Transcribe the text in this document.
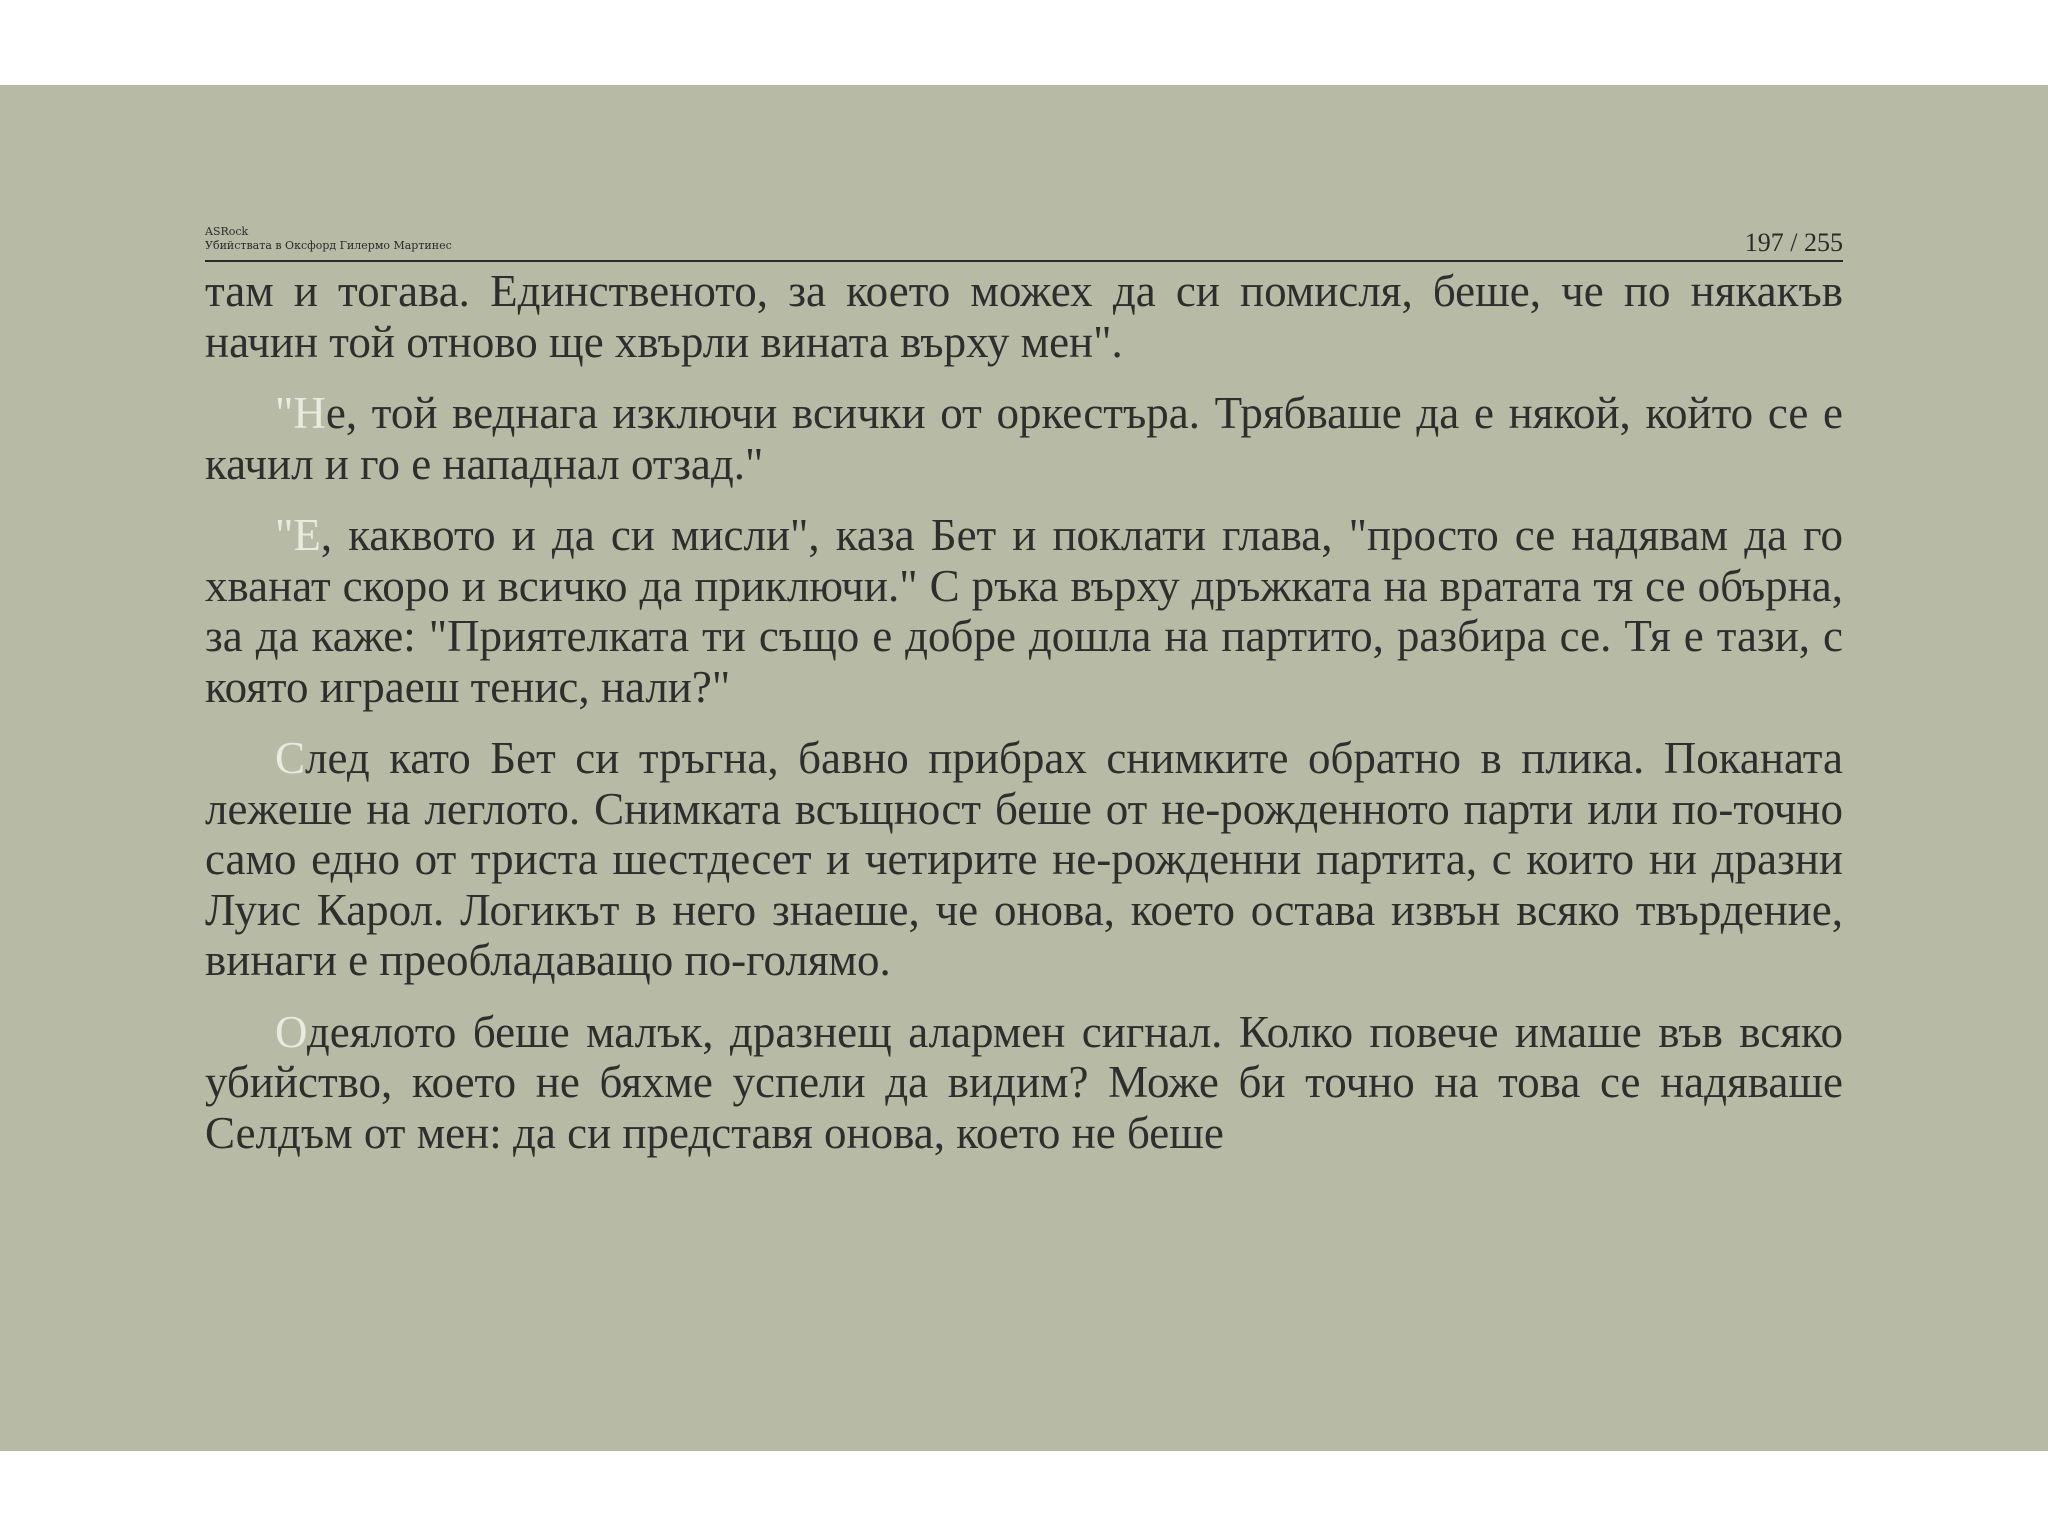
ASRock
Убийствата в Оксфорд Гилермо Мартинес	197 / 255

там и тогава. Единственото, за което можех да си помисля, беше, че по някакъв начин той отново ще хвърли вината върху мен".

"Не, той веднага изключи всички от оркестъра. Трябваше да е някой, който се е качил и го е нападнал отзад."

"Е, каквото и да си мисли", каза Бет и поклати глава, "просто се надявам да го хванат скоро и всичко да приключи." С ръка върху дръжката на вратата тя се обърна, за да каже: "Приятелката ти също е добре дошла на партито, разбира се. Тя е тази, с която играеш тенис, нали?"

След като Бет си тръгна, бавно прибрах снимките обратно в плика. Поканата лежеше на леглото. Снимката всъщност беше от не-рожденното парти или по-точно само едно от триста шестдесет и четирите не-рожденни партита, с които ни дразни Луис Карол. Логикът в него знаеше, че онова, което остава извън всяко твърдение, винаги е преобладаващо по-голямо.

Одеялото беше малък, дразнещ алармен сигнал. Колко повече имаше във всяко убийство, което не бяхме успели да видим? Може би точно на това се надяваше Селдъм от мен: да си представя онова, което не беше
